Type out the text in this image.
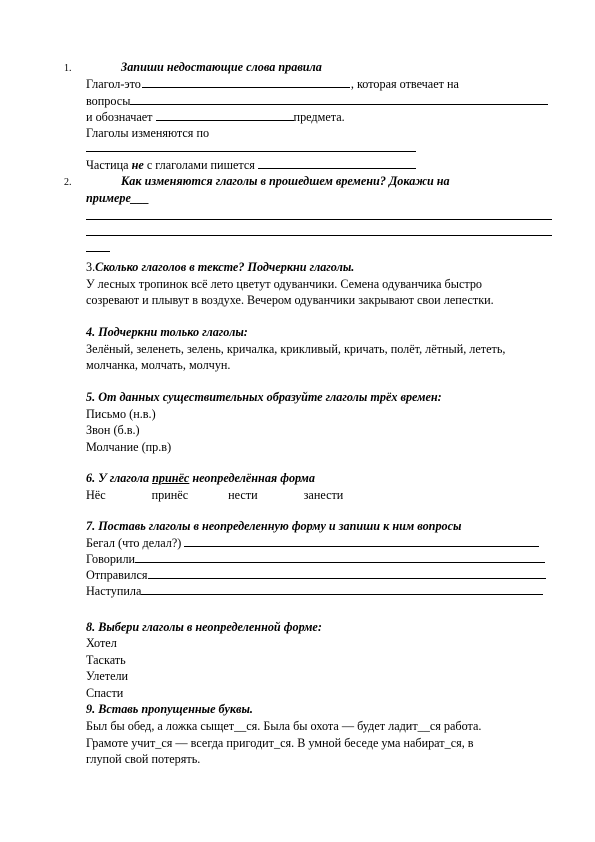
1.	Запиши недостающие слова правила
Глагол-это	, которая отвечает на
вопросы
и обозначает	предмета.
Глаголы изменяются по
Частица не с глаголами пишется
2.	Как изменяются глаголы в прошедшем времени? Докажи на
примере___
3.Сколько глаголов в тексте? Подчеркни глаголы.
У лесных тропинок всё лето цветут одуванчики. Семена одуванчика быстро
созревают и плывут в воздухе. Вечером одуванчики закрывают свои лепестки.
4. Подчеркни только глаголы:
Зелёный, зеленеть, зелень, кричалка, крикливый, кричать, полёт, лётный, лететь,
молчанка, молчать, молчун.
5. От данных существительных образуйте глаголы трёх времен:
Письмо (н.в.)
Звон (б.в.)
Молчание (пр.в)
6. У глагола принёс неопределённая форма
Нёс	принёс	нести	занести
7. Поставь глаголы в неопределенную форму и запиши к ним вопросы
Бегал (что делал?)
Говорили
Отправился
Наступила
8. Выбери глаголы в неопределенной форме:
Хотел
Таскать
Улетели
Спасти
9. Вставь пропущенные буквы.
Был бы обед, а ложка сыщет__ся. Была бы охота — будет ладит__ся работа.
Грамоте учит_ся — всегда пригодит_ся. В умной беседе ума набират_ся, в
глупой свой потерять.
